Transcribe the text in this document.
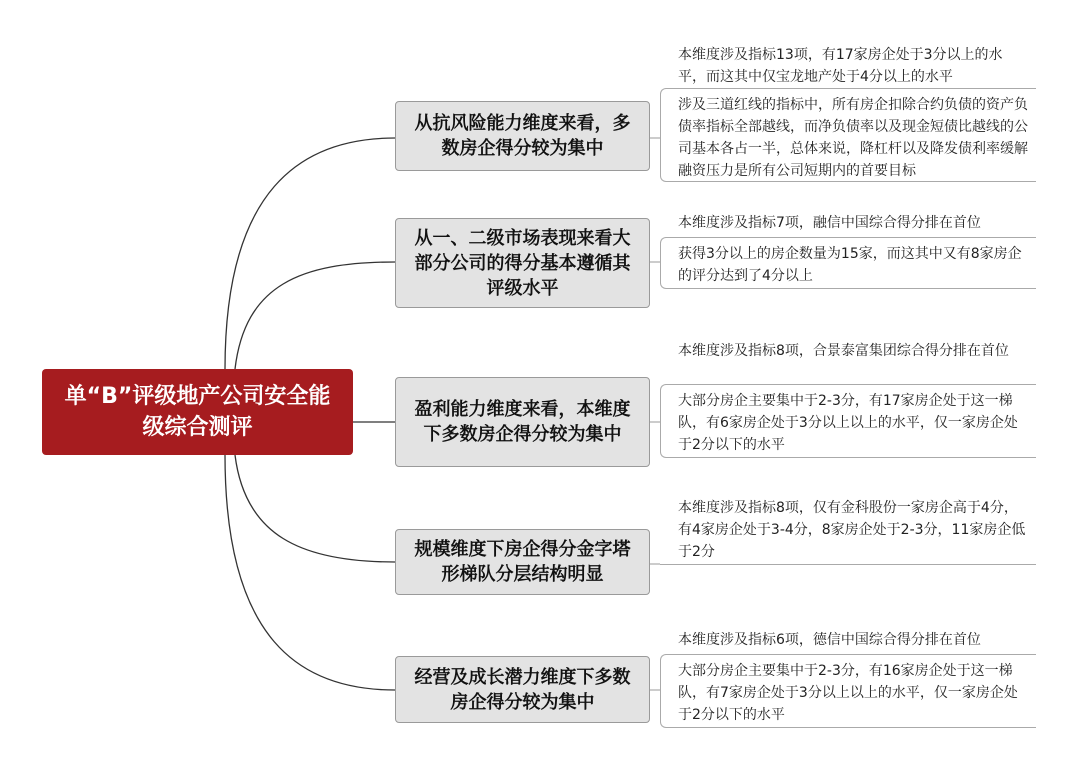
单“B”评级地产公司安全能级综合测评
从抗风险能力维度来看，多数房企得分较为集中
本维度涉及指标13项，有17家房企处于3分以上的水平，而这其中仅宝龙地产处于4分以上的水平
涉及三道红线的指标中，所有房企扣除合约负债的资产负债率指标全部越线，而净负债率以及现金短债比越线的公司基本各占一半，总体来说，降杠杆以及降发债利率缓解融资压力是所有公司短期内的首要目标
从一、二级市场表现来看大部分公司的得分基本遵循其评级水平
本维度涉及指标7项，融信中国综合得分排在首位
获得3分以上的房企数量为15家，而这其中又有8家房企的评分达到了4分以上
盈利能力维度来看，本维度下多数房企得分较为集中
本维度涉及指标8项，合景泰富集团综合得分排在首位
大部分房企主要集中于2-3分，有17家房企处于这一梯队，有6家房企处于3分以上以上的水平，仅一家房企处于2分以下的水平
规模维度下房企得分金字塔形梯队分层结构明显
本维度涉及指标8项，仅有金科股份一家房企高于4分，有4家房企处于3-4分，8家房企处于2-3分，11家房企低于2分
经营及成长潜力维度下多数房企得分较为集中
本维度涉及指标6项，德信中国综合得分排在首位
大部分房企主要集中于2-3分，有16家房企处于这一梯队，有7家房企处于3分以上以上的水平，仅一家房企处于2分以下的水平
